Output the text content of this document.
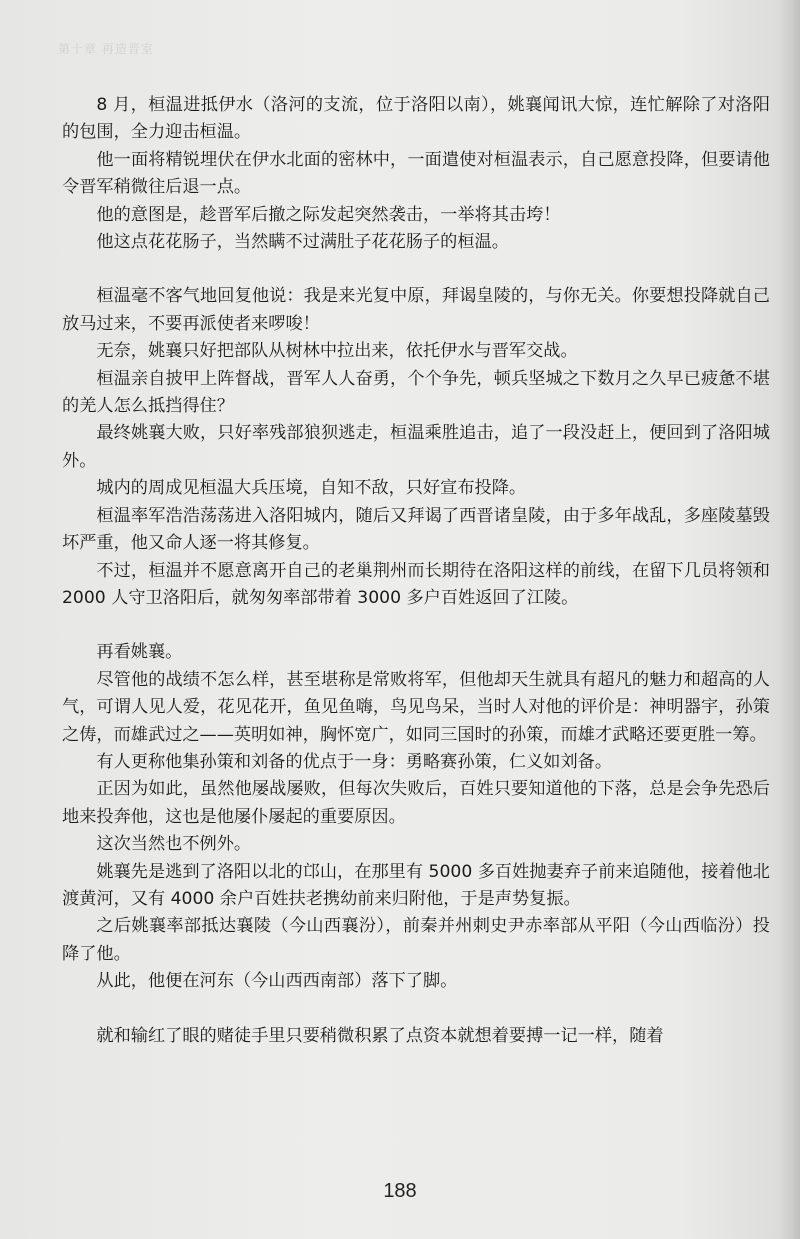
第十章 再造晋室

8 月，桓温进抵伊水（洛河的支流，位于洛阳以南），姚襄闻讯大惊，连忙解除了对洛阳的包围，全力迎击桓温。

他一面将精锐埋伏在伊水北面的密林中，一面遣使对桓温表示，自己愿意投降，但要请他令晋军稍微往后退一点。

他的意图是，趁晋军后撤之际发起突然袭击，一举将其击垮！

他这点花花肠子，当然瞒不过满肚子花花肠子的桓温。

桓温毫不客气地回复他说：我是来光复中原，拜谒皇陵的，与你无关。你要想投降就自己放马过来，不要再派使者来啰唆！

无奈，姚襄只好把部队从树林中拉出来，依托伊水与晋军交战。

桓温亲自披甲上阵督战，晋军人人奋勇，个个争先，顿兵坚城之下数月之久早已疲惫不堪的羌人怎么抵挡得住？

最终姚襄大败，只好率残部狼狈逃走，桓温乘胜追击，追了一段没赶上，便回到了洛阳城外。

城内的周成见桓温大兵压境，自知不敌，只好宣布投降。

桓温率军浩浩荡荡进入洛阳城内，随后又拜谒了西晋诸皇陵，由于多年战乱，多座陵墓毁坏严重，他又命人逐一将其修复。

不过，桓温并不愿意离开自己的老巢荆州而长期待在洛阳这样的前线，在留下几员将领和 2000 人守卫洛阳后，就匆匆率部带着 3000 多户百姓返回了江陵。

再看姚襄。

尽管他的战绩不怎么样，甚至堪称是常败将军，但他却天生就具有超凡的魅力和超高的人气，可谓人见人爱，花见花开，鱼见鱼嗨，鸟见鸟呆，当时人对他的评价是：神明器宇，孙策之俦，而雄武过之——英明如神，胸怀宽广，如同三国时的孙策，而雄才武略还要更胜一筹。

有人更称他集孙策和刘备的优点于一身：勇略赛孙策，仁义如刘备。

正因为如此，虽然他屡战屡败，但每次失败后，百姓只要知道他的下落，总是会争先恐后地来投奔他，这也是他屡仆屡起的重要原因。

这次当然也不例外。

姚襄先是逃到了洛阳以北的邙山，在那里有 5000 多百姓抛妻弃子前来追随他，接着他北渡黄河，又有 4000 余户百姓扶老携幼前来归附他，于是声势复振。

之后姚襄率部抵达襄陵（今山西襄汾），前秦并州刺史尹赤率部从平阳（今山西临汾）投降了他。

从此，他便在河东（今山西西南部）落下了脚。

就和输红了眼的赌徒手里只要稍微积累了点资本就想着要搏一记一样，随着

188
